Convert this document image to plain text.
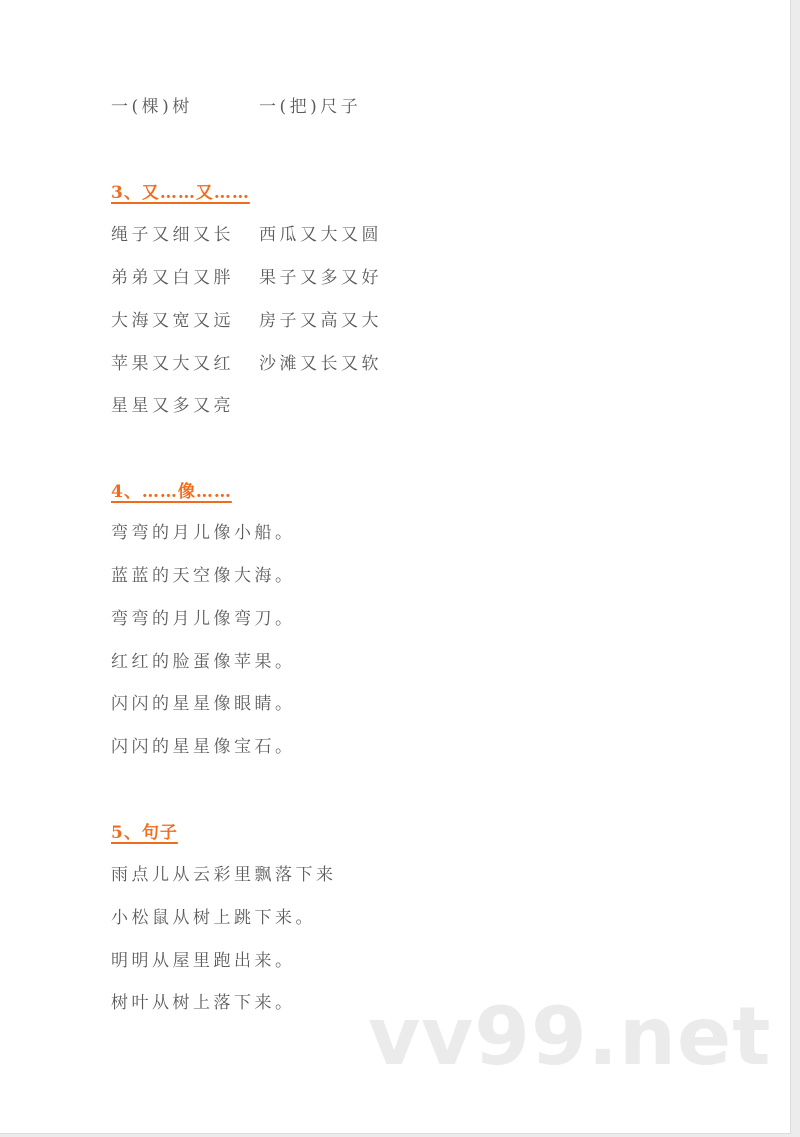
一(棵)树	一(把)尺子
3、又……又……
绳子又细又长 西瓜又大又圆
弟弟又白又胖 果子又多又好
大海又宽又远 房子又高又大
苹果又大又红 沙滩又长又软
星星又多又亮
4、……像……
弯弯的月儿像小船。
蓝蓝的天空像大海。
弯弯的月儿像弯刀。
红红的脸蛋像苹果。
闪闪的星星像眼睛。
闪闪的星星像宝石。
5、句子
雨点儿从云彩里飘落下来
小松鼠从树上跳下来。
明明从屋里跑出来。
树叶从树上落下来。 vv99.net
